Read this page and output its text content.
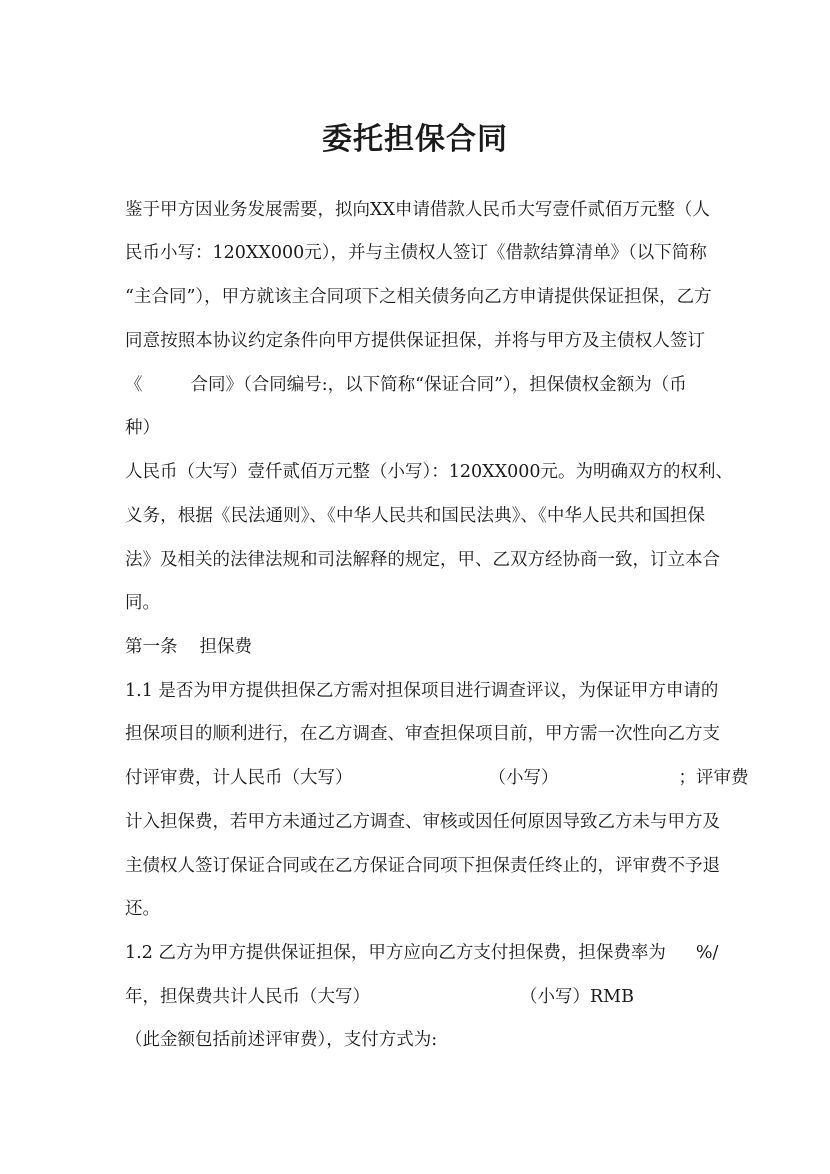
委托担保合同
鉴于甲方因业务发展需要，拟向XX申请借款人民币大写壹仟贰佰万元整（人
民币小写：120XX000元），并与主债权人签订《借款结算清单》（以下简称
“主合同”），甲方就该主合同项下之相关债务向乙方申请提供保证担保，乙方
同意按照本协议约定条件向甲方提供保证担保，并将与甲方及主债权人签订
《	合同》（合同编号:，以下简称“保证合同”），担保债权金额为（币
种）
人民币（大写）壹仟贰佰万元整（小写）：120XX000元。为明确双方的权利、
义务，根据《民法通则》、《中华人民共和国民法典》、《中华人民共和国担保
法》及相关的法律法规和司法解释的规定，甲、乙双方经协商一致，订立本合
同。
第一条 担保费
1.1 是否为甲方提供担保乙方需对担保项目进行调查评议，为保证甲方申请的
担保项目的顺利进行，在乙方调查、审查担保项目前，甲方需一次性向乙方支
付评审费，计人民币（大写）	（小写）	；评审费
计入担保费，若甲方未通过乙方调查、审核或因任何原因导致乙方未与甲方及
主债权人签订保证合同或在乙方保证合同项下担保责任终止的，评审费不予退
还。
1.2 乙方为甲方提供保证担保，甲方应向乙方支付担保费，担保费率为 %/
年，担保费共计人民币（大写）	（小写）RMB
（此金额包括前述评审费），支付方式为:
